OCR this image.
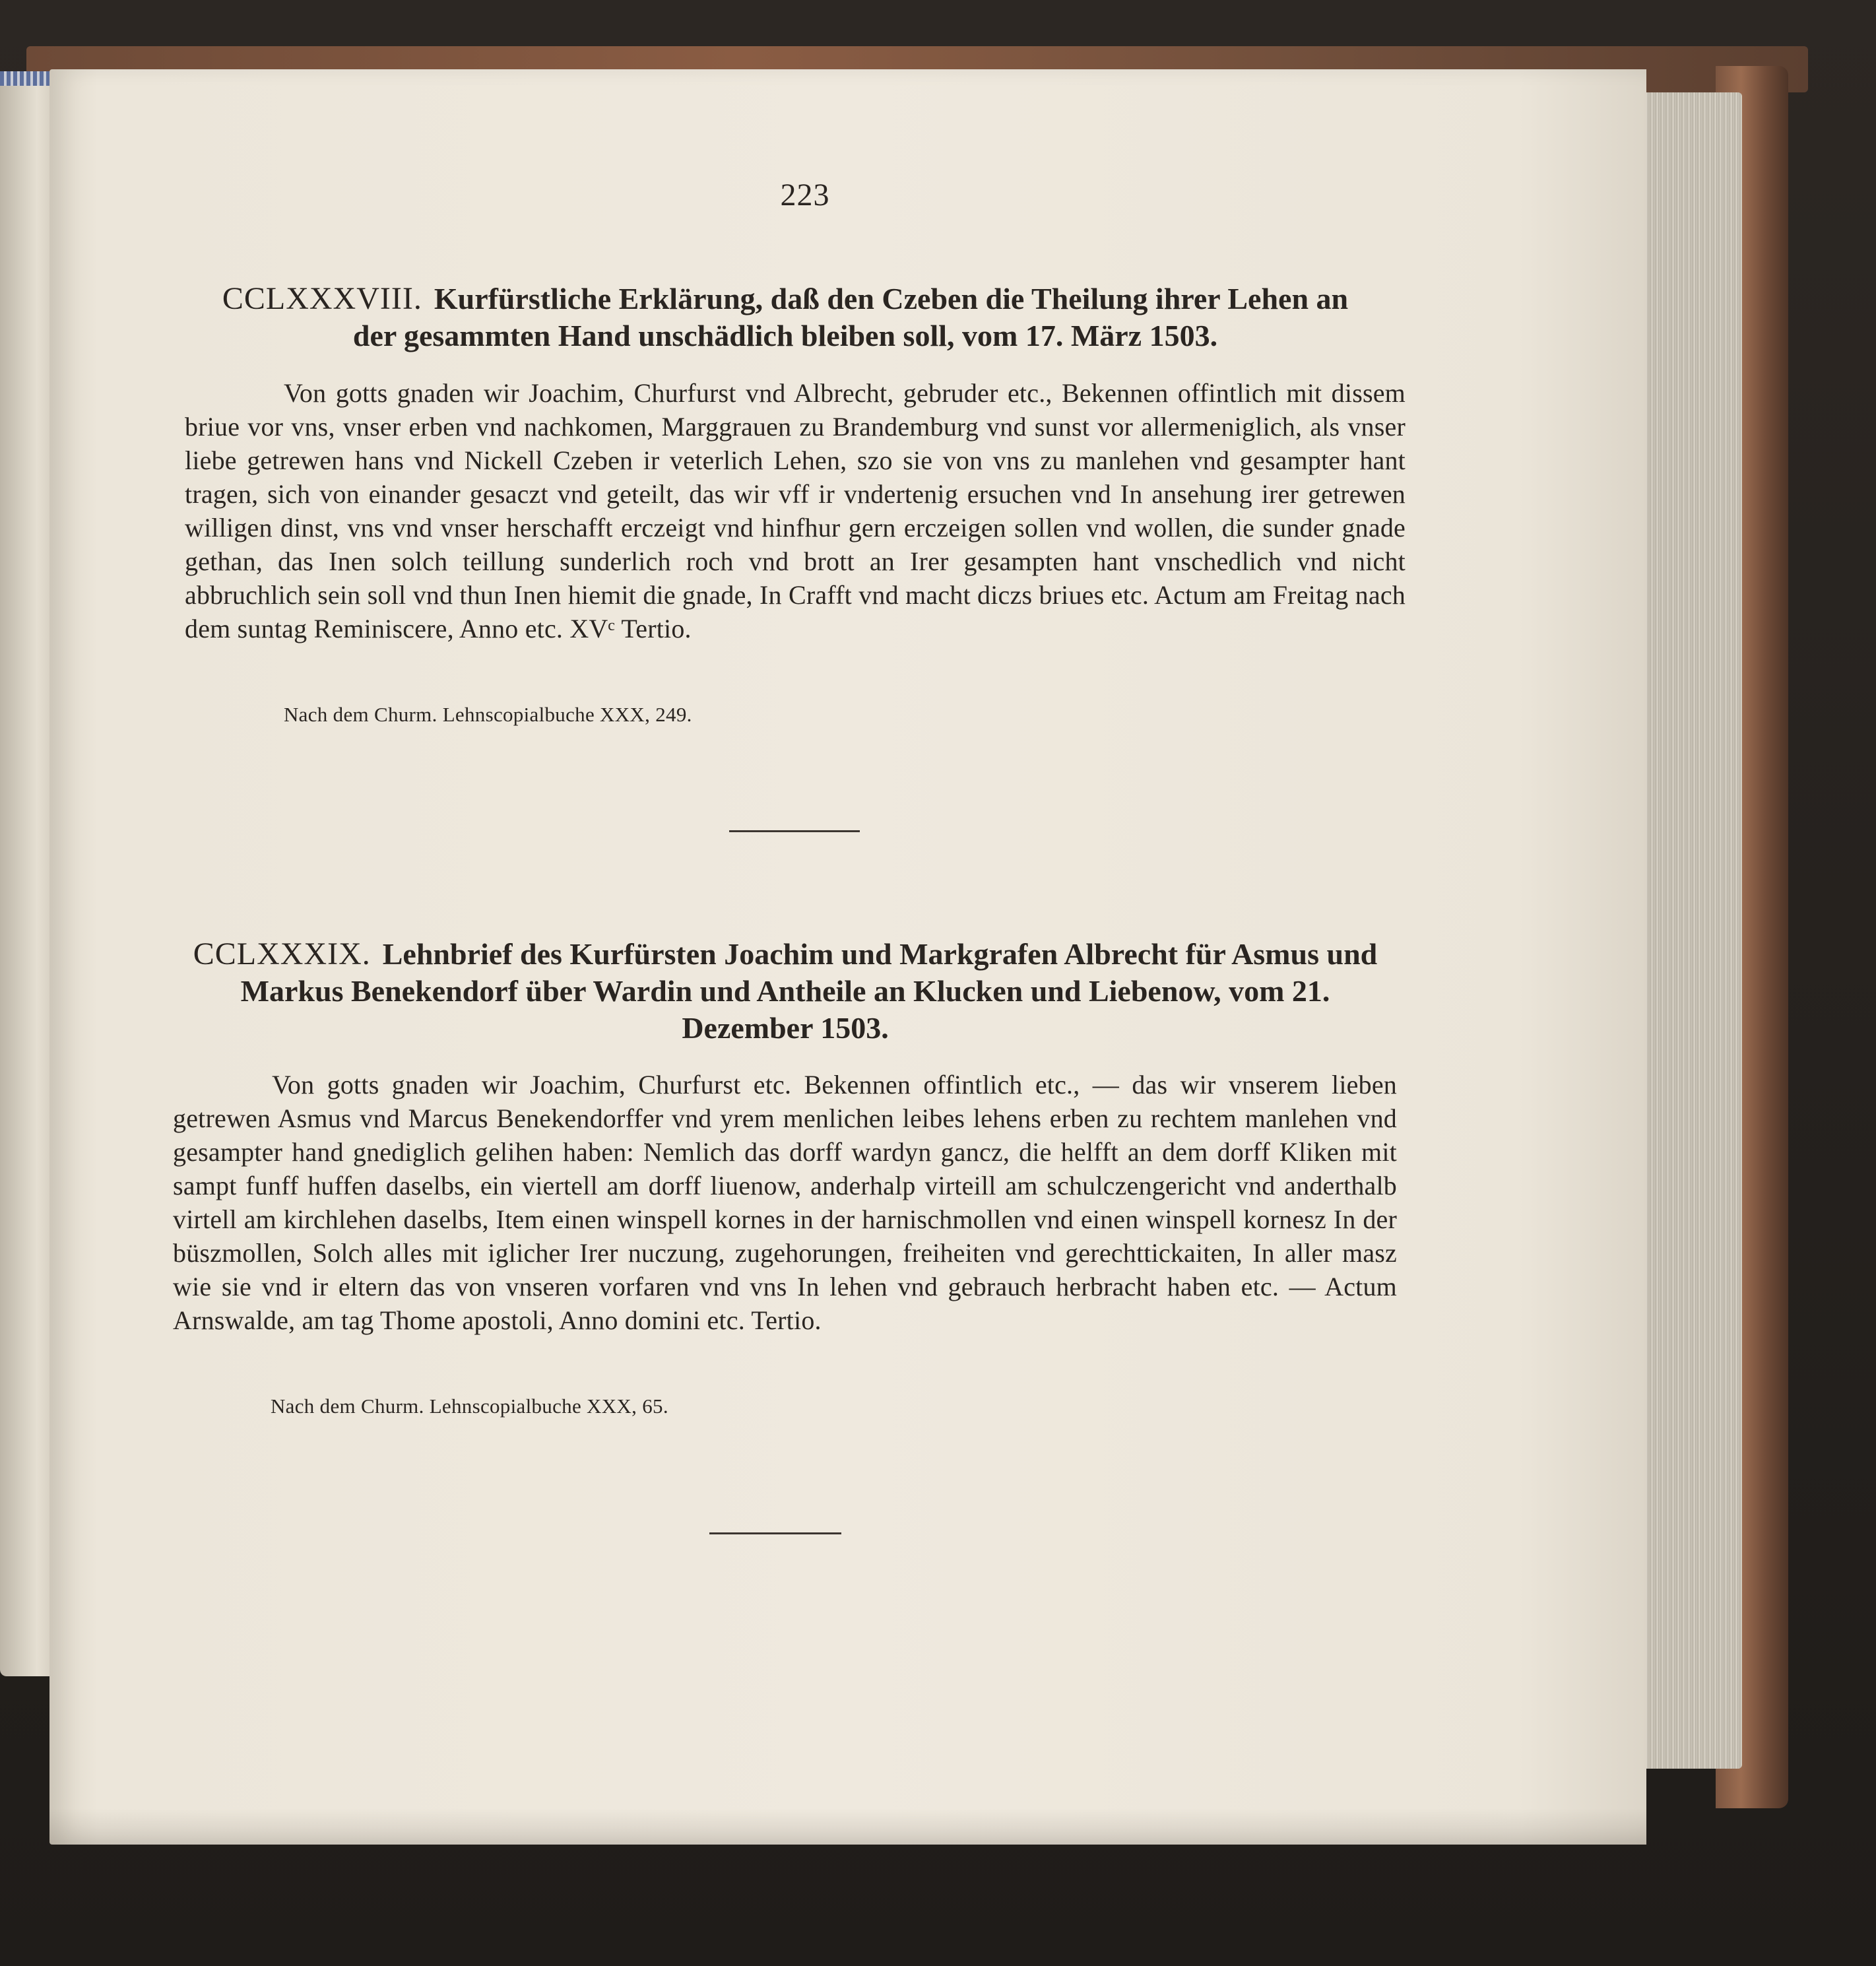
223
CCLXXXVIII. Kurfürstliche Erklärung, daß den Czeben die Theilung ihrer Lehen an der gesammten Hand unschädlich bleiben soll, vom 17. März 1503.

Von gotts gnaden wir Joachim, Churfurst vnd Albrecht, gebruder etc., Bekennen offintlich mit dissem briue vor vns, vnser erben vnd nachkomen, Marggrauen zu Brandemburg vnd sunst vor allermeniglich, als vnser liebe getrewen hans vnd Nickell Czeben ir veterlich Lehen, szo sie von vns zu manlehen vnd gesampter hant tragen, sich von einander gesaczt vnd geteilt, das wir vff ir vndertenig ersuchen vnd In ansehung irer getrewen willigen dinst, vns vnd vnser herschafft erczeigt vnd hinfhur gern erczeigen sollen vnd wollen, die sunder gnade gethan, das Inen solch teillung sunderlich roch vnd brott an Irer gesampten hant vnschedlich vnd nicht abbruchlich sein soll vnd thun Inen hiemit die gnade, In Crafft vnd macht diczs briues etc. Actum am Freitag nach dem suntag Reminiscere, Anno etc. XVᶜ Tertio.

Nach dem Churm. Lehnscopialbuche XXX, 249.
CCLXXXIX. Lehnbrief des Kurfürsten Joachim und Markgrafen Albrecht für Asmus und Markus Benekendorf über Wardin und Antheile an Klucken und Liebenow, vom 21. Dezember 1503.

Von gotts gnaden wir Joachim, Churfurst etc. Bekennen offintlich etc., — das wir vnserem lieben getrewen Asmus vnd Marcus Benekendorffer vnd yrem menlichen leibes lehens erben zu rechtem manlehen vnd gesampter hand gnediglich gelihen haben: Nemlich das dorff wardyn gancz, die helfft an dem dorff Kliken mit sampt funff huffen daselbs, ein viertell am dorff liuenow, anderhalp virteill am schulczengericht vnd anderthalb virtell am kirchlehen daselbs, Item einen winspell kornes in der harnischmollen vnd einen winspell kornesz In der büszmollen, Solch alles mit iglicher Irer nuczung, zugehorungen, freiheiten vnd gerechttickaiten, In aller masz wie sie vnd ir eltern das von vnseren vorfaren vnd vns In lehen vnd gebrauch herbracht haben etc. — Actum Arnswalde, am tag Thome apostoli, Anno domini etc. Tertio.

Nach dem Churm. Lehnscopialbuche XXX, 65.
